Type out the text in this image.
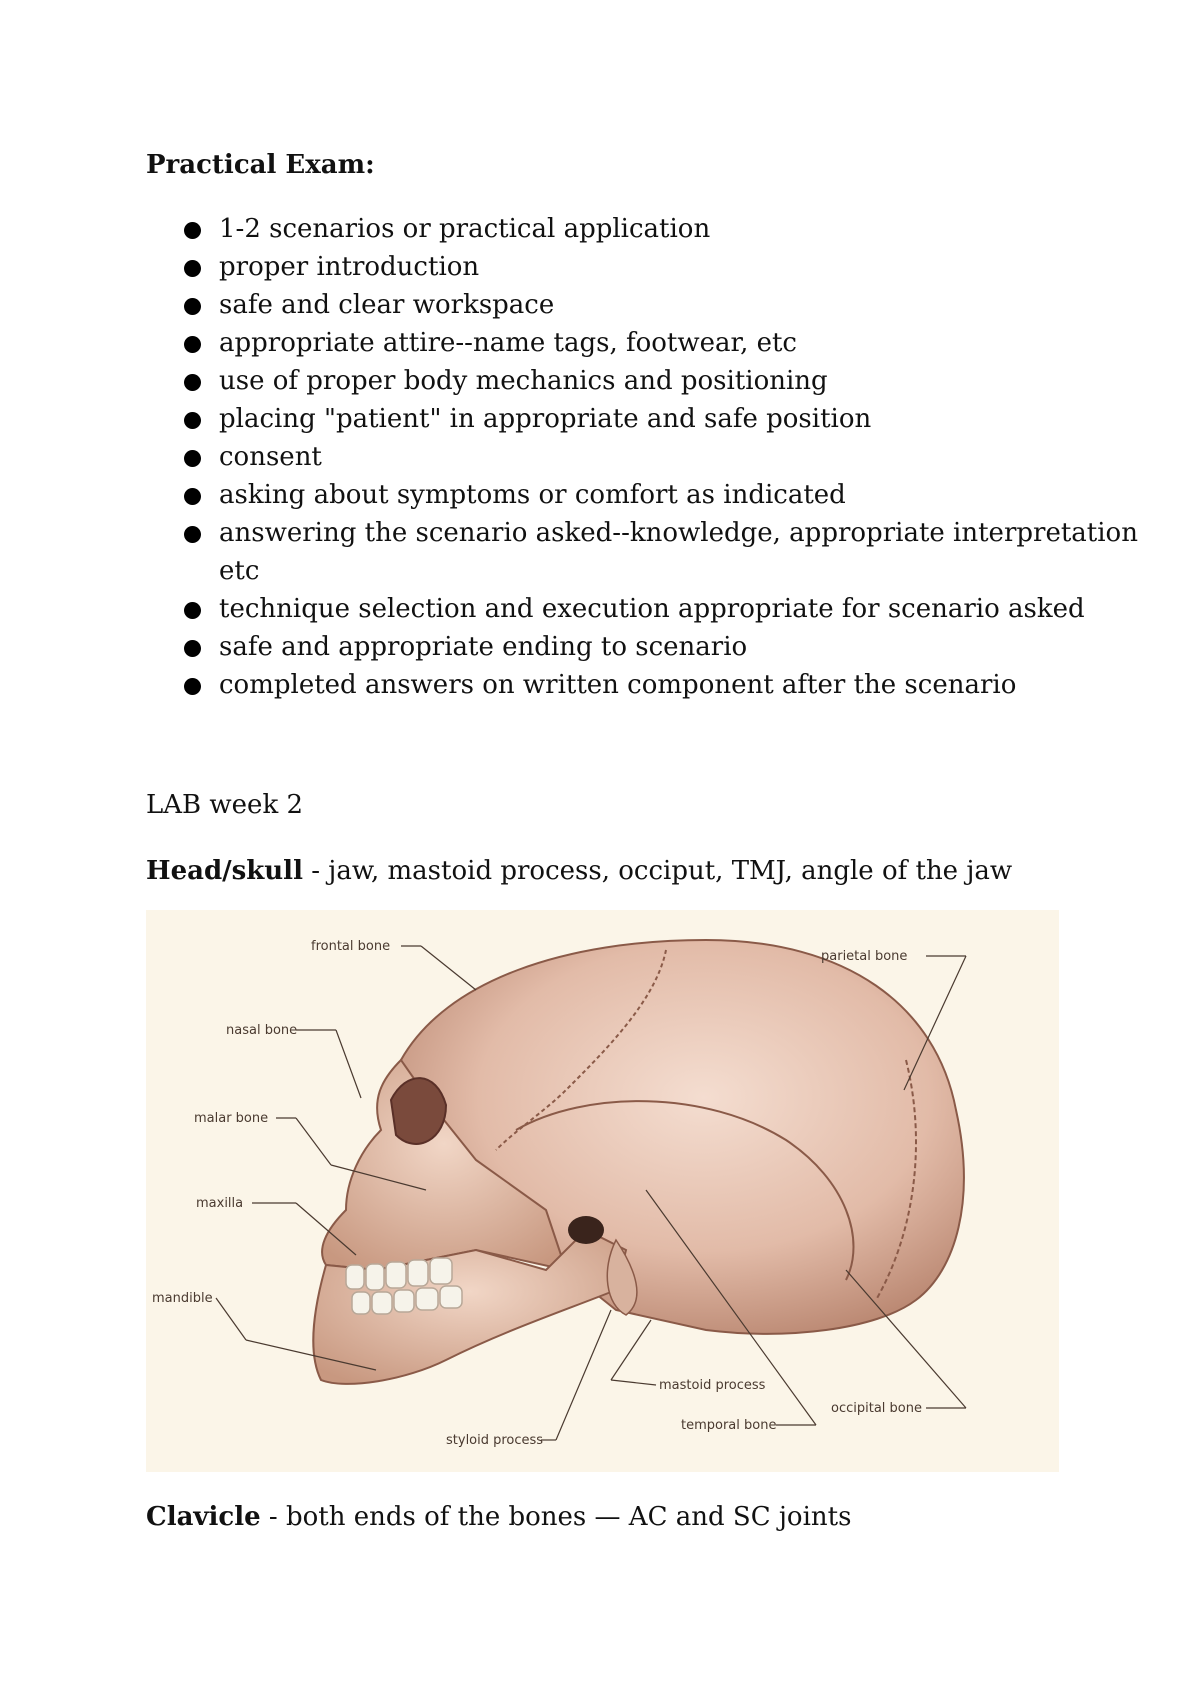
Practical Exam:
1-2 scenarios or practical application
proper introduction
safe and clear workspace
appropriate attire--name tags, footwear, etc
use of proper body mechanics and positioning
placing "patient" in appropriate and safe position
consent
asking about symptoms or comfort as indicated
answering the scenario asked--knowledge, appropriate interpretation etc
technique selection and execution appropriate for scenario asked
safe and appropriate ending to scenario
completed answers on written component after the scenario
LAB week 2
Head/skull - jaw, mastoid process, occiput, TMJ, angle of the jaw
frontal bone
parietal bone
nasal bone
malar bone
maxilla
mandible
mastoid process
occipital bone
temporal bone
styloid process
Clavicle - both ends of the bones — AC and SC joints
